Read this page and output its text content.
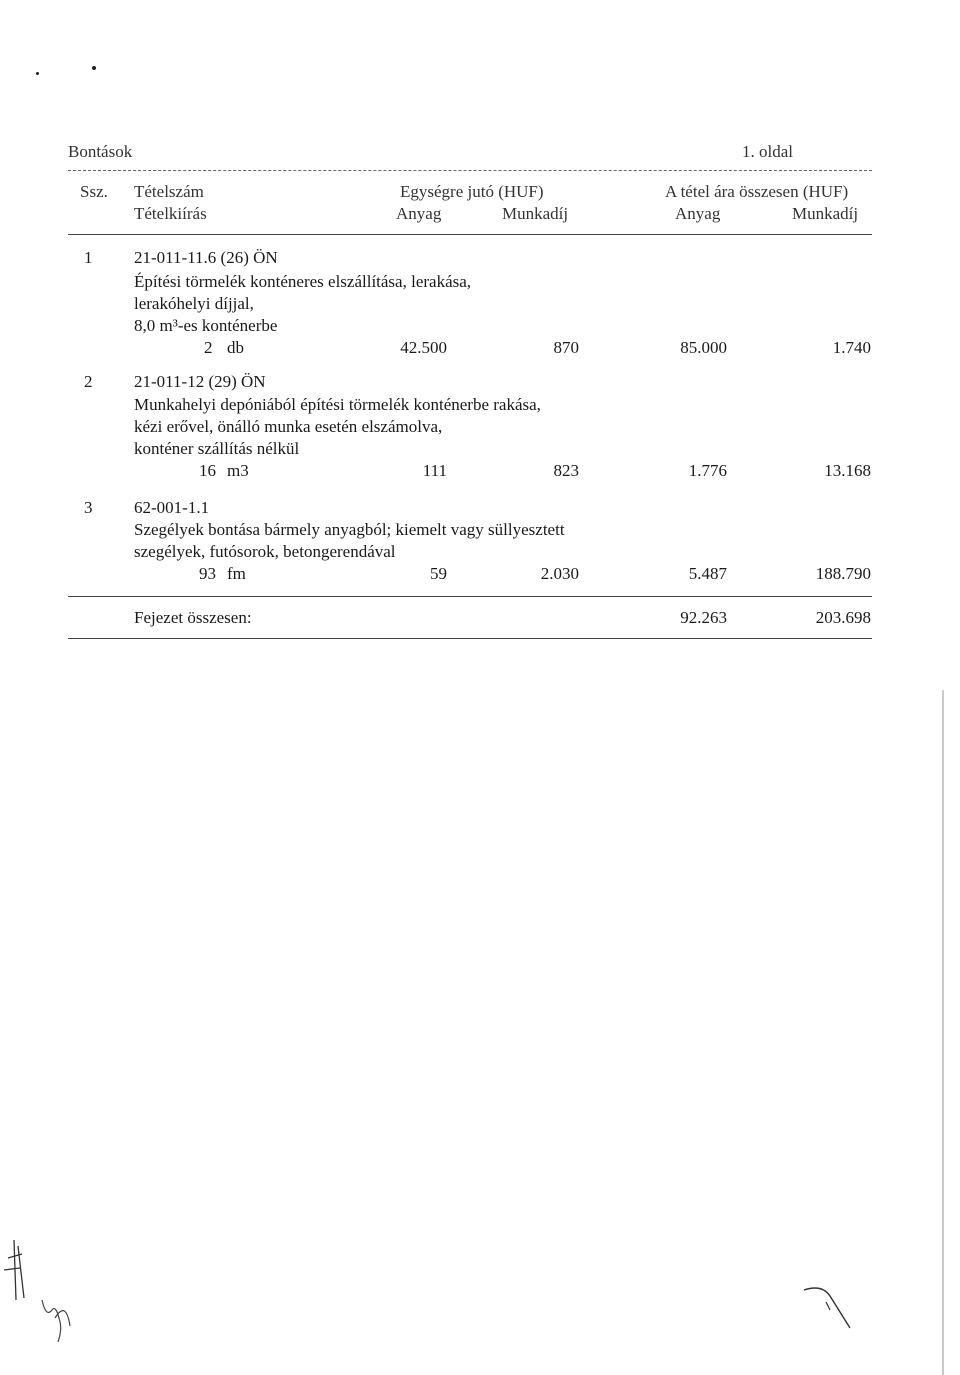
Bontások	1. oldal
Ssz. Tételszám
Tételkiírás
Egységre jutó (HUF)	A tétel ára összesen (HUF)
Anyag	Munkadíj	Anyag	Munkadíj
1 21-011-11.6 (26) ÖN
Építési törmelék konténeres elszállítása, lerakása,
lerakóhelyi díjjal,
8,0 m³-es konténerbe
2 db	42.500	870	85.000	1.740
2 21-011-12 (29) ÖN
Munkahelyi depóniából építési törmelék konténerbe rakása,
kézi erővel, önálló munka esetén elszámolva,
konténer szállítás nélkül
16 m3	111	823	1.776	13.168
3 62-001-1.1
Szegélyek bontása bármely anyagból; kiemelt vagy süllyesztett
szegélyek, futósorok, betongerendával
93 fm	59	2.030	5.487	188.790
Fejezet összesen:	92.263	203.698
